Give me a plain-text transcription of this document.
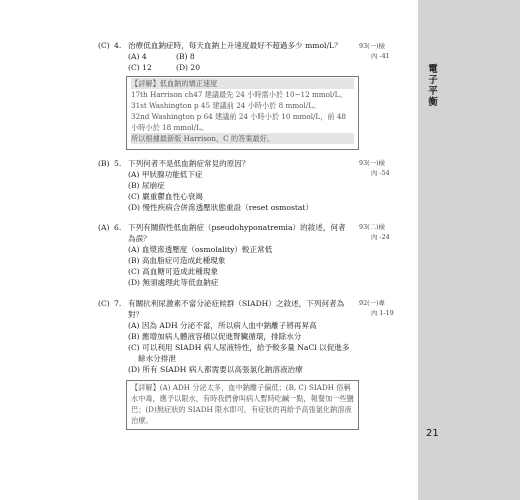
電
子
平
衡
21
(C) 4. 治療低血鈉症時，每天血鈉上升速度最好不超過多少 mmol/L？
(A) 4	(B) 8
(C) 12	(D) 20
93(一)檢
內 -41
【詳解】低血鈉的矯正速度
17th Harrison ch47 建議最先 24 小時需小於 10~12 mmol/L。
31st Washington p 45 建議前 24 小時小於 8 mmol/L。
32nd Washington p 64 建議前 24 小時小於 10 mmol/L，前 48 小時小於 18 mmol/L。
所以根據最新版 Harrison，C 的答案最好。
(B) 5. 下列何者不是低血鈉症常見的原因？
(A) 甲狀腺功能低下症
(B) 尿崩症
(C) 嚴重鬱血性心衰竭
(D) 慢性疾病合併滲透壓狀態重設（reset osmostat）
93(一)檢
內 -54
(A) 6. 下列有關假性低血鈉症（pseudohyponatremia）的敘述，何者為誤？
(A) 血漿滲透壓度（osmolality）較正常低
(B) 高血脂症可造成此種現象
(C) 高血糖可造成此種現象
(D) 無須處理此等低血鈉症
93(二)檢
內 -24
(C) 7. 有關抗利尿激素不當分泌症候群（SIADH）之敘述，下列何者為對？
(A) 因為 ADH 分泌不當，所以病人血中鈉離子將再昇高
(B) 應增加病人體液容積以促進腎臟循環，排除水分
(C) 可以利用 SIADH 病人尿液特性，給予較多量 NaCl 以促進多餘水分排泄
(D) 所有 SIADH 病人都需要以高張氯化鈉溶液治療
92(一)專
內 1-19
【詳解】(A) ADH 分泌太多，血中鈉離子偏低；(B, C) SIADH 俗稱水中毒，應予以限水，有時我們會叫病人暫時吃鹹一點，報餐加一些鹽巴；(D)無症狀的 SIADH 限水即可，有症狀的再給予高張氯化鈉溶液治療。
